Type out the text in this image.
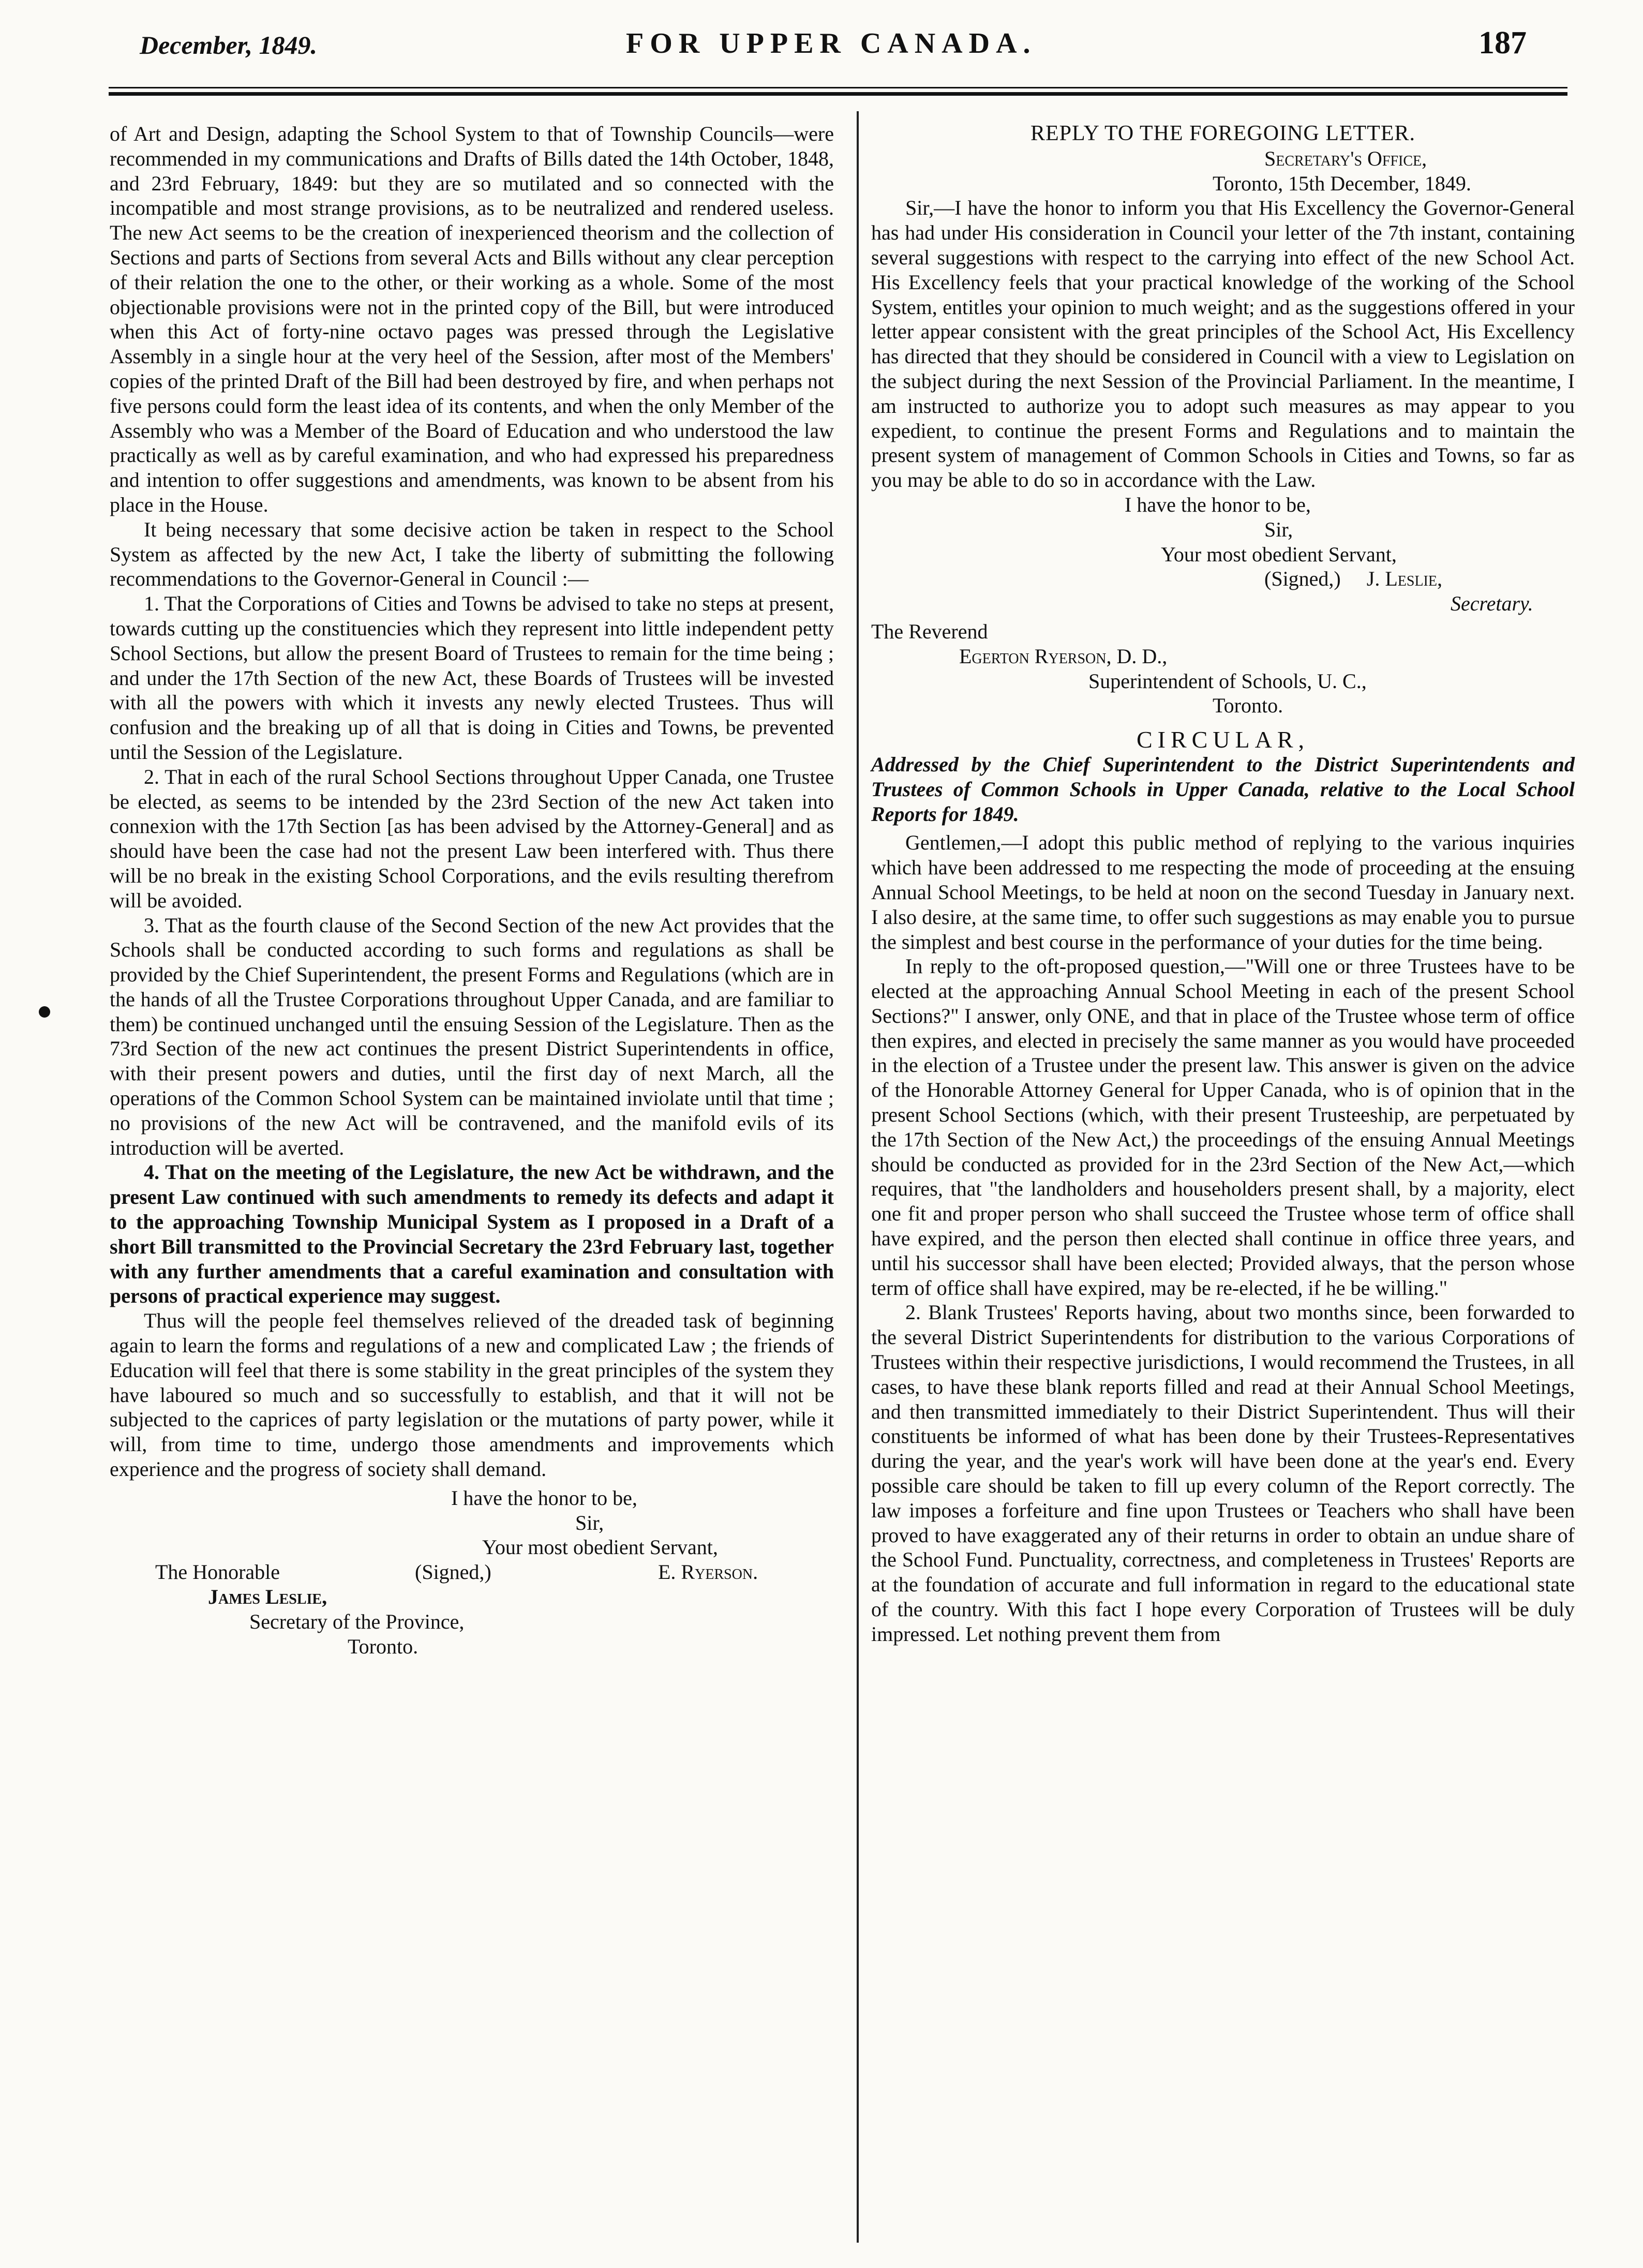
December, 1849.	FOR UPPER CANADA.	187

of Art and Design, adapting the School System to that of Township Councils—were recommended in my communications and Drafts of Bills dated the 14th October, 1848, and 23rd February, 1849: but they are so mutilated and so connected with the incompatible and most strange provisions, as to be neutralized and rendered useless. The new Act seems to be the creation of inexperienced theorism and the collection of Sections and parts of Sections from several Acts and Bills without any clear perception of their relation the one to the other, or their working as a whole. Some of the most objectionable provisions were not in the printed copy of the Bill, but were introduced when this Act of forty-nine octavo pages was pressed through the Legislative Assembly in a single hour at the very heel of the Session, after most of the Members' copies of the printed Draft of the Bill had been destroyed by fire, and when perhaps not five persons could form the least idea of its contents, and when the only Member of the Assembly who was a Member of the Board of Education and who understood the law practically as well as by careful examination, and who had expressed his preparedness and intention to offer suggestions and amendments, was known to be absent from his place in the House.

It being necessary that some decisive action be taken in respect to the School System as affected by the new Act, I take the liberty of submitting the following recommendations to the Governor-General in Council :—

1. That the Corporations of Cities and Towns be advised to take no steps at present, towards cutting up the constituencies which they represent into little independent petty School Sections, but allow the present Board of Trustees to remain for the time being ; and under the 17th Section of the new Act, these Boards of Trustees will be invested with all the powers with which it invests any newly elected Trustees. Thus will confusion and the breaking up of all that is doing in Cities and Towns, be prevented until the Session of the Legislature.

2. That in each of the rural School Sections throughout Upper Canada, one Trustee be elected, as seems to be intended by the 23rd Section of the new Act taken into connexion with the 17th Section [as has been advised by the Attorney-General] and as should have been the case had not the present Law been interfered with. Thus there will be no break in the existing School Corporations, and the evils resulting therefrom will be avoided.

3. That as the fourth clause of the Second Section of the new Act provides that the Schools shall be conducted according to such forms and regulations as shall be provided by the Chief Superintendent, the present Forms and Regulations (which are in the hands of all the Trustee Corporations throughout Upper Canada, and are familiar to them) be continued unchanged until the ensuing Session of the Legislature. Then as the 73rd Section of the new act continues the present District Superintendents in office, with their present powers and duties, until the first day of next March, all the operations of the Common School System can be maintained inviolate until that time ; no provisions of the new Act will be contravened, and the manifold evils of its introduction will be averted.

4. That on the meeting of the Legislature, the new Act be withdrawn, and the present Law continued with such amendments to remedy its defects and adapt it to the approaching Township Municipal System as I proposed in a Draft of a short Bill transmitted to the Provincial Secretary the 23rd February last, together with any further amendments that a careful examination and consultation with persons of practical experience may suggest.

Thus will the people feel themselves relieved of the dreaded task of beginning again to learn the forms and regulations of a new and complicated Law ; the friends of Education will feel that there is some stability in the great principles of the system they have laboured so much and so successfully to establish, and that it will not be subjected to the caprices of party legislation or the mutations of party power, while it will, from time to time, undergo those amendments and improvements which experience and the progress of society shall demand.

I have the honor to be,

Sir,

Your most obedient Servant,

The Honorable	(Signed,)	E. Ryerson.

James Leslie,

Secretary of the Province,

Toronto.

REPLY TO THE FOREGOING LETTER.

Secretary's Office,

Toronto, 15th December, 1849.

Sir,—I have the honor to inform you that His Excellency the Governor-General has had under His consideration in Council your letter of the 7th instant, containing several suggestions with respect to the carrying into effect of the new School Act. His Excellency feels that your practical knowledge of the working of the School System, entitles your opinion to much weight; and as the suggestions offered in your letter appear consistent with the great principles of the School Act, His Excellency has directed that they should be considered in Council with a view to Legislation on the subject during the next Session of the Provincial Parliament. In the meantime, I am instructed to authorize you to adopt such measures as may appear to you expedient, to continue the present Forms and Regulations and to maintain the present system of management of Common Schools in Cities and Towns, so far as you may be able to do so in accordance with the Law.

I have the honor to be,

Sir,

Your most obedient Servant,

(Signed,) J. Leslie,

Secretary.

The Reverend

Egerton Ryerson, D. D.,

Superintendent of Schools, U. C.,

Toronto.

CIRCULAR,

Addressed by the Chief Superintendent to the District Superintendents and Trustees of Common Schools in Upper Canada, relative to the Local School Reports for 1849.

Gentlemen,—I adopt this public method of replying to the various inquiries which have been addressed to me respecting the mode of proceeding at the ensuing Annual School Meetings, to be held at noon on the second Tuesday in January next. I also desire, at the same time, to offer such suggestions as may enable you to pursue the simplest and best course in the performance of your duties for the time being.

In reply to the oft-proposed question,—"Will one or three Trustees have to be elected at the approaching Annual School Meeting in each of the present School Sections?" I answer, only ONE, and that in place of the Trustee whose term of office then expires, and elected in precisely the same manner as you would have proceeded in the election of a Trustee under the present law. This answer is given on the advice of the Honorable Attorney General for Upper Canada, who is of opinion that in the present School Sections (which, with their present Trusteeship, are perpetuated by the 17th Section of the New Act,) the proceedings of the ensuing Annual Meetings should be conducted as provided for in the 23rd Section of the New Act,—which requires, that "the landholders and householders present shall, by a majority, elect one fit and proper person who shall succeed the Trustee whose term of office shall have expired, and the person then elected shall continue in office three years, and until his successor shall have been elected; Provided always, that the person whose term of office shall have expired, may be re-elected, if he be willing."

2. Blank Trustees' Reports having, about two months since, been forwarded to the several District Superintendents for distribution to the various Corporations of Trustees within their respective jurisdictions, I would recommend the Trustees, in all cases, to have these blank reports filled and read at their Annual School Meetings, and then transmitted immediately to their District Superintendent. Thus will their constituents be informed of what has been done by their Trustees-Representatives during the year, and the year's work will have been done at the year's end. Every possible care should be taken to fill up every column of the Report correctly. The law imposes a forfeiture and fine upon Trustees or Teachers who shall have been proved to have exaggerated any of their returns in order to obtain an undue share of the School Fund. Punctuality, correctness, and completeness in Trustees' Reports are at the foundation of accurate and full information in regard to the educational state of the country. With this fact I hope every Corporation of Trustees will be duly impressed. Let nothing prevent them from
